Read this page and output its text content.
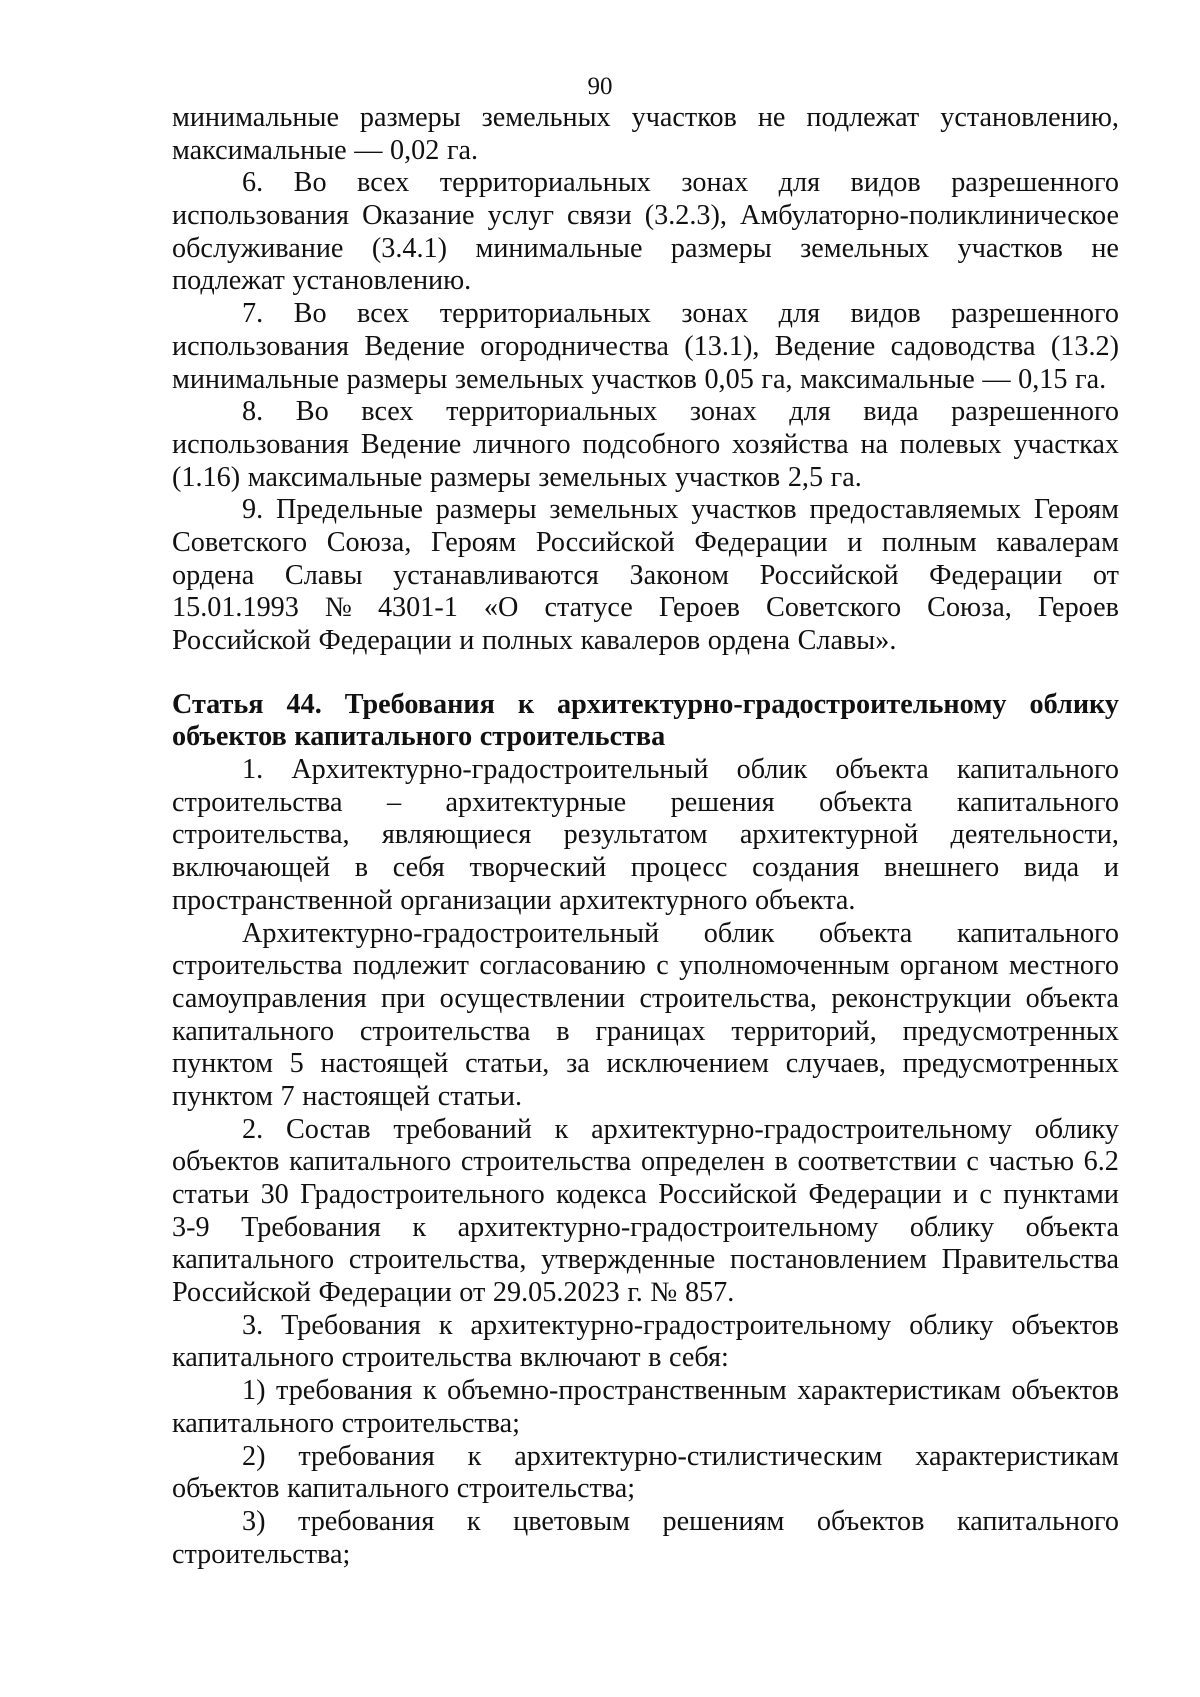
90
минимальные размеры земельных участков не подлежат установлению,
максимальные — 0,02 га.
6. Во всех территориальных зонах для видов разрешенного
использования Оказание услуг связи (3.2.3), Амбулаторно-поликлиническое
обслуживание (3.4.1) минимальные размеры земельных участков не
подлежат установлению.
7. Во всех территориальных зонах для видов разрешенного
использования Ведение огородничества (13.1), Ведение садоводства (13.2)
минимальные размеры земельных участков 0,05 га, максимальные — 0,15 га.
8. Во всех территориальных зонах для вида разрешенного
использования Ведение личного подсобного хозяйства на полевых участках
(1.16) максимальные размеры земельных участков 2,5 га.
9. Предельные размеры земельных участков предоставляемых Героям
Советского Союза, Героям Российской Федерации и полным кавалерам
ордена Славы устанавливаются Законом Российской Федерации от
15.01.1993 № 4301-1 «О статусе Героев Советского Союза, Героев
Российской Федерации и полных кавалеров ордена Славы».
Статья 44. Требования к архитектурно-градостроительному облику
объектов капитального строительства
1. Архитектурно-градостроительный облик объекта капитального
строительства – архитектурные решения объекта капитального
строительства, являющиеся результатом архитектурной деятельности,
включающей в себя творческий процесс создания внешнего вида и
пространственной организации архитектурного объекта.
Архитектурно-градостроительный облик объекта капитального
строительства подлежит согласованию с уполномоченным органом местного
самоуправления при осуществлении строительства, реконструкции объекта
капитального строительства в границах территорий, предусмотренных
пунктом 5 настоящей статьи, за исключением случаев, предусмотренных
пунктом 7 настоящей статьи.
2. Состав требований к архитектурно-градостроительному облику
объектов капитального строительства определен в соответствии с частью 6.2
статьи 30 Градостроительного кодекса Российской Федерации и с пунктами
3-9 Требования к архитектурно-градостроительному облику объекта
капитального строительства, утвержденные постановлением Правительства
Российской Федерации от 29.05.2023 г. № 857.
3. Требования к архитектурно-градостроительному облику объектов
капитального строительства включают в себя:
1) требования к объемно-пространственным характеристикам объектов
капитального строительства;
2) требования к архитектурно-стилистическим характеристикам
объектов капитального строительства;
3) требования к цветовым решениям объектов капитального
строительства;
